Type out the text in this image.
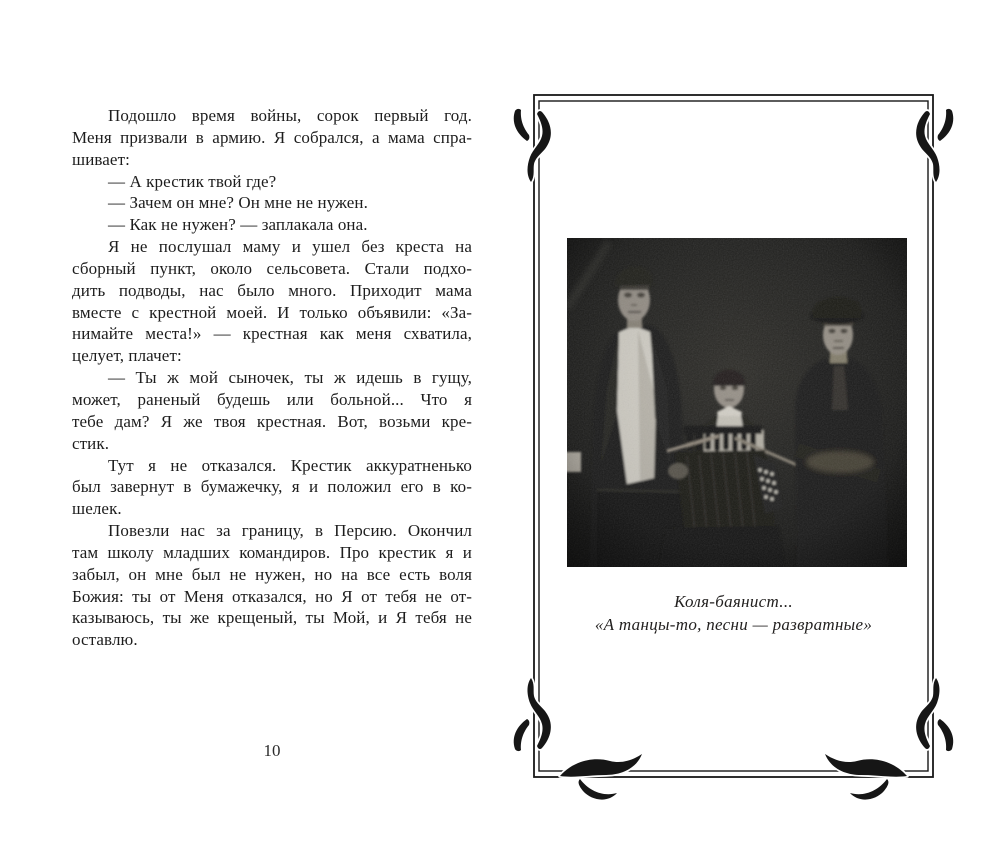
Подошло время войны, сорок первый год.
Меня призвали в армию. Я собрался, а мама спра-
шивает:
— А крестик твой где?
— Зачем он мне? Он мне не нужен.
— Как не нужен? — заплакала она.
Я не послушал маму и ушел без креста на
сборный пункт, около сельсовета. Стали подхо-
дить подводы, нас было много. Приходит мама
вместе с крестной моей. И только объявили: «За-
нимайте места!» — крестная как меня схватила,
целует, плачет:
— Ты ж мой сыночек, ты ж идешь в гущу,
может, раненый будешь или больной... Что я
тебе дам? Я же твоя крестная. Вот, возьми кре-
стик.
Тут я не отказался. Крестик аккуратненько
был завернут в бумажечку, я и положил его в ко-
шелек.
Повезли нас за границу, в Персию. Окончил
там школу младших командиров. Про крестик я и
забыл, он мне был не нужен, но на все есть воля
Божия: ты от Меня отказался, но Я от тебя не от-
казываюсь, ты же крещеный, ты Мой, и Я тебя не
оставлю.
10
Коля-баянист...
«А танцы-то, песни — развратные»
